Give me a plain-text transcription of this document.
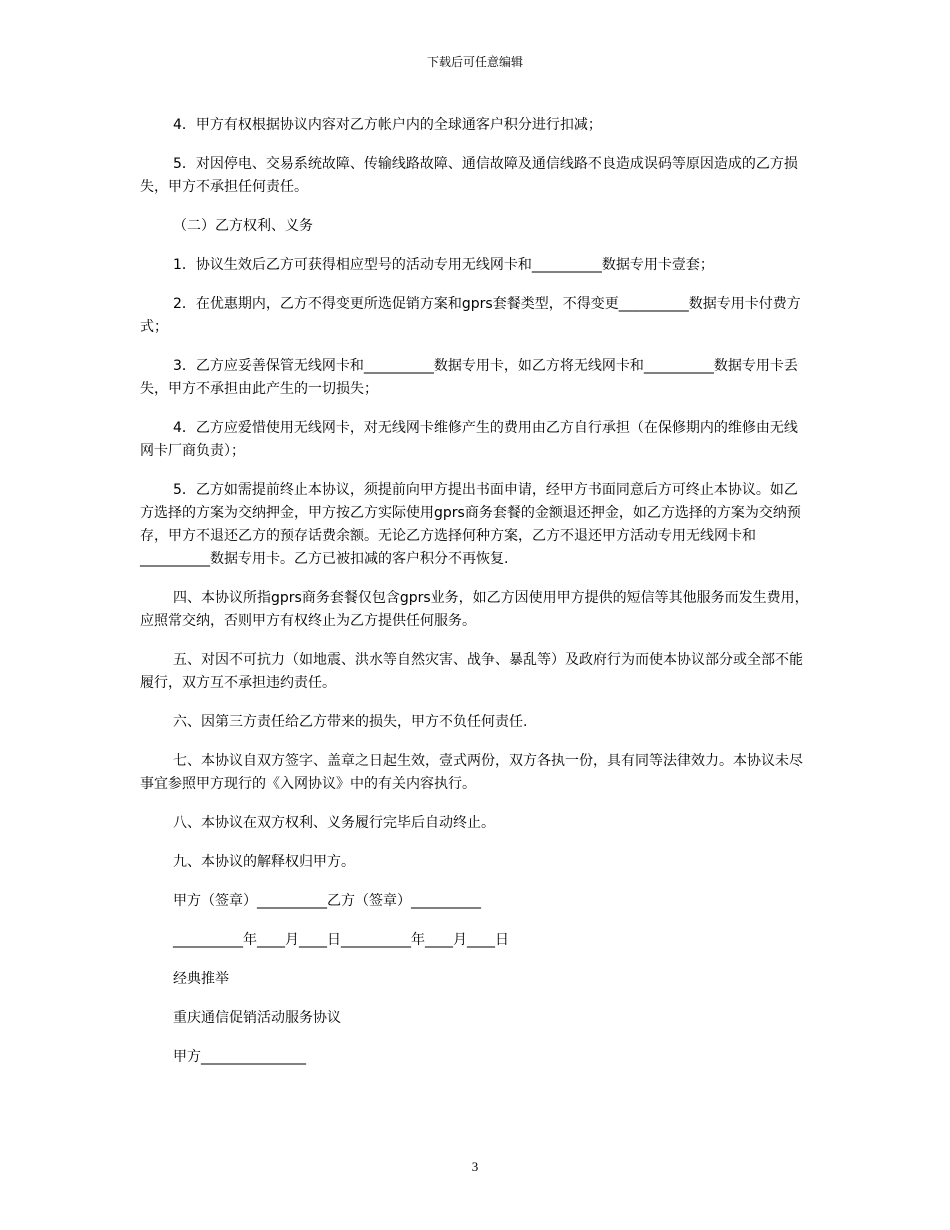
下载后可任意编辑

4．甲方有权根据协议内容对乙方帐户内的全球通客户积分进行扣减；

5．对因停电、交易系统故障、传输线路故障、通信故障及通信线路不良造成误码等原因造成的乙方损失，甲方不承担任何责任。

（二）乙方权利、义务

1．协议生效后乙方可获得相应型号的活动专用无线网卡和__________数据专用卡壹套；

2．在优惠期内，乙方不得变更所选促销方案和gprs套餐类型，不得变更__________数据专用卡付费方式；

3．乙方应妥善保管无线网卡和__________数据专用卡，如乙方将无线网卡和__________数据专用卡丢失，甲方不承担由此产生的一切损失；

4．乙方应爱惜使用无线网卡，对无线网卡维修产生的费用由乙方自行承担（在保修期内的维修由无线网卡厂商负责）；

5．乙方如需提前终止本协议，须提前向甲方提出书面申请，经甲方书面同意后方可终止本协议。如乙方选择的方案为交纳押金，甲方按乙方实际使用gprs商务套餐的金额退还押金，如乙方选择的方案为交纳预存，甲方不退还乙方的预存话费余额。无论乙方选择何种方案，乙方不退还甲方活动专用无线网卡和__________数据专用卡。乙方已被扣减的客户积分不再恢复.

四、本协议所指gprs商务套餐仅包含gprs业务，如乙方因使用甲方提供的短信等其他服务而发生费用，应照常交纳，否则甲方有权终止为乙方提供任何服务。

五、对因不可抗力（如地震、洪水等自然灾害、战争、暴乱等）及政府行为而使本协议部分或全部不能履行，双方互不承担违约责任。

六、因第三方责任给乙方带来的损失，甲方不负任何责任.

七、本协议自双方签字、盖章之日起生效，壹式两份，双方各执一份，具有同等法律效力。本协议未尽事宜参照甲方现行的《入网协议》中的有关内容执行。

八、本协议在双方权利、义务履行完毕后自动终止。

九、本协议的解释权归甲方。

甲方（签章）__________乙方（签章）__________

__________年____月____日__________年____月____日

经典推举

重庆通信促销活动服务协议

甲方_______________

3
